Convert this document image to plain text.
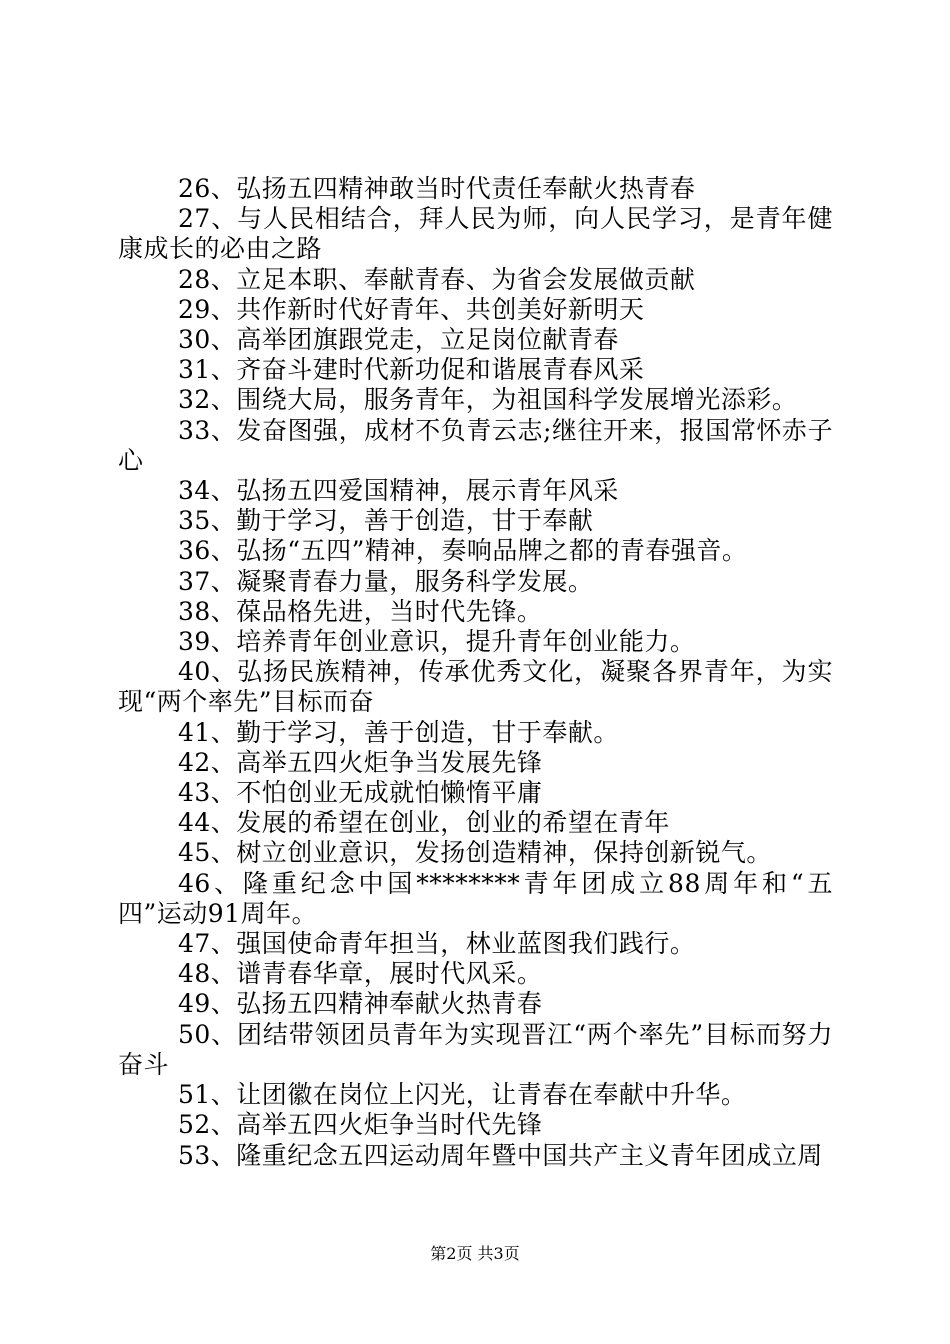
26、弘扬五四精神敢当时代责任奉献火热青春

27、与人民相结合，拜人民为师，向人民学习，是青年健康成长的必由之路

28、立足本职、奉献青春、为省会发展做贡献

29、共作新时代好青年、共创美好新明天

30、高举团旗跟党走，立足岗位献青春

31、齐奋斗建时代新功促和谐展青春风采

32、围绕大局，服务青年，为祖国科学发展增光添彩。

33、发奋图强，成材不负青云志;继往开来，报国常怀赤子心

34、弘扬五四爱国精神，展示青年风采

35、勤于学习，善于创造，甘于奉献

36、弘扬“五四”精神，奏响品牌之都的青春强音。

37、凝聚青春力量，服务科学发展。

38、葆品格先进，当时代先锋。

39、培养青年创业意识，提升青年创业能力。

40、弘扬民族精神，传承优秀文化，凝聚各界青年，为实现“两个率先”目标而奋

41、勤于学习，善于创造，甘于奉献。

42、高举五四火炬争当发展先锋

43、不怕创业无成就怕懒惰平庸

44、发展的希望在创业，创业的希望在青年

45、树立创业意识，发扬创造精神，保持创新锐气。

46、隆重纪念中国********青年团成立88周年和“五四”运动91周年。

47、强国使命青年担当，林业蓝图我们践行。

48、谱青春华章，展时代风采。

49、弘扬五四精神奉献火热青春

50、团结带领团员青年为实现晋江“两个率先”目标而努力奋斗

51、让团徽在岗位上闪光，让青春在奉献中升华。

52、高举五四火炬争当时代先锋

53、隆重纪念五四运动周年暨中国共产主义青年团成立周

第2页 共3页
